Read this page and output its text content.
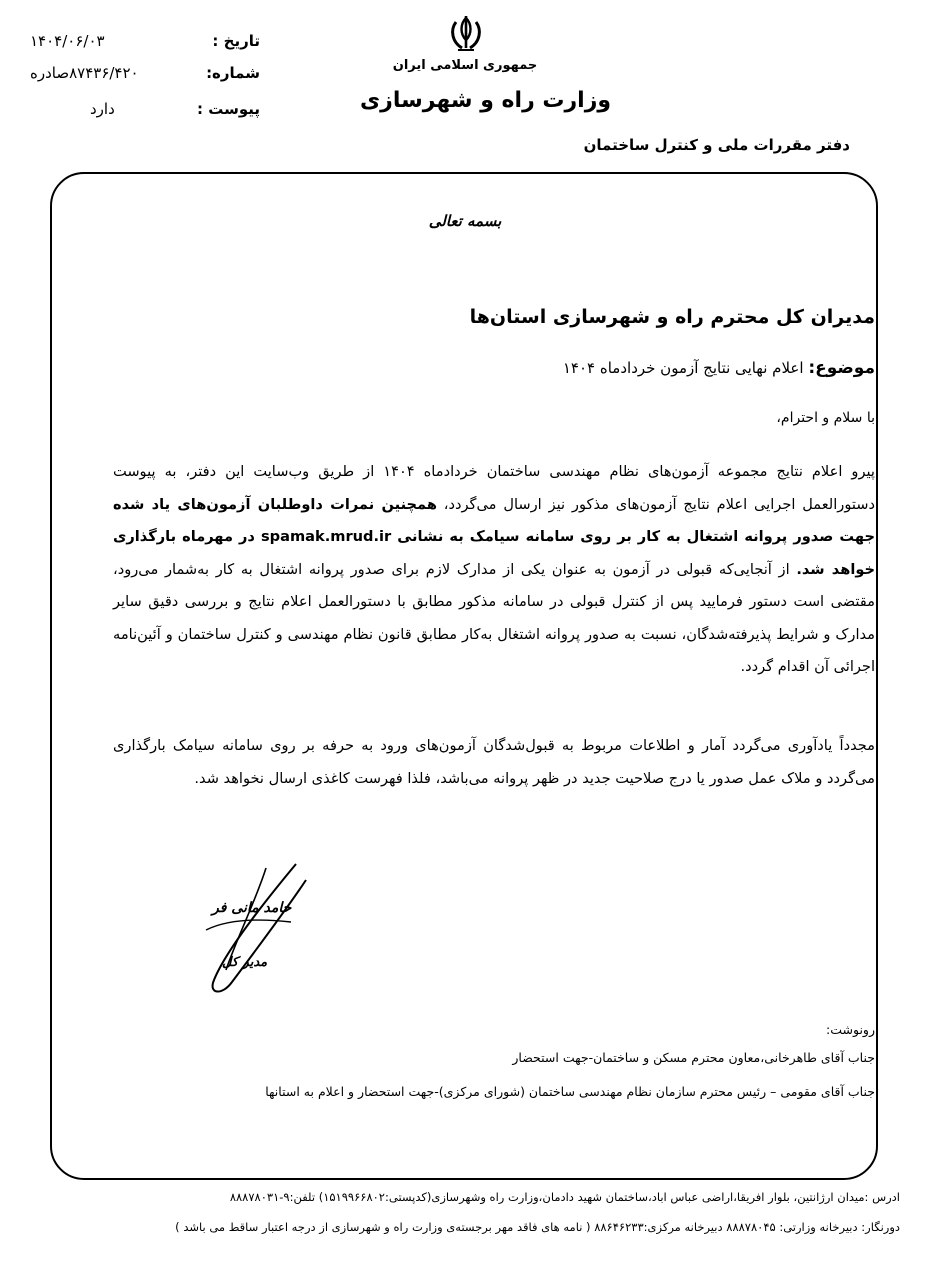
تاریخ :
۱۴۰۴/۰۶/۰۳
شماره:
۸۷۴۳۶/۴۲۰صادره
پیوست :
دارد
جمهوری اسلامی ایران
وزارت راه و شهرسازی
دفتر مقررات ملی و کنترل ساختمان
بسمه تعالی
مدیران کل محترم راه و شهرسازی استان‌ها
موضوع: اعلام نهایی نتایج آزمون خردادماه ۱۴۰۴
با سلام و احترام،
پیرو اعلام نتایج مجموعه آزمون‌های نظام مهندسی ساختمان خردادماه ۱۴۰۴ از طریق وب‌سایت این دفتر، به پیوست دستورالعمل اجرایی اعلام نتایج آزمون‌های مذکور نیز ارسال می‌گردد، همچنین نمرات داوطلبان آزمون‌های یاد شده جهت صدور پروانه اشتغال به کار بر روی سامانه سیامک به نشانی spamak.mrud.ir در مهرماه بارگذاری خواهد شد. از آنجایی‌که قبولی در آزمون به عنوان یکی از مدارک لازم برای صدور پروانه اشتغال به کار به‌شمار می‌رود، مقتضی است دستور فرمایید پس از کنترل قبولی در سامانه مذکور مطابق با دستورالعمل اعلام نتایج و بررسی دقیق سایر مدارک و شرایط پذیرفته‌شدگان، نسبت به صدور پروانه اشتغال به‌کار مطابق قانون نظام مهندسی و کنترل ساختمان و آئین‌نامه اجرائی آن اقدام گردد.
مجدداً یادآوری می‌گردد آمار و اطلاعات مربوط به قبول‌شدگان آزمون‌های ورود به حرفه بر روی سامانه سیامک بارگذاری می‌گردد و ملاک عمل صدور یا درج صلاحیت جدید در ظهر پروانه می‌باشد، فلذا فهرست کاغذی ارسال نخواهد شد.
حامد مانی فر
مدیر کل
رونوشت:
جناب آقای طاهرخانی،معاون محترم مسکن و ساختمان-جهت استحضار
جناب آقای مقومی – رئیس محترم سازمان نظام مهندسی ساختمان (شورای مرکزی)-جهت استحضار و اعلام به استانها
ادرس :میدان ارژانتین، بلوار افریقا،اراضی عباس اباد،ساختمان شهید دادمان،وزارت راه وشهرسازی(کدپستی:۱۵۱۹۹۶۶۸۰۲) تلفن:۹-۸۸۸۷۸۰۳۱
دورنگار: دبیرخانه وزارتی: ۸۸۸۷۸۰۴۵ دبیرخانه مرکزی:۸۸۶۴۶۲۳۳ ( نامه های فاقد مهر برجسته‌ی وزارت راه و شهرسازی از درجه اعتبار ساقط می باشد )
